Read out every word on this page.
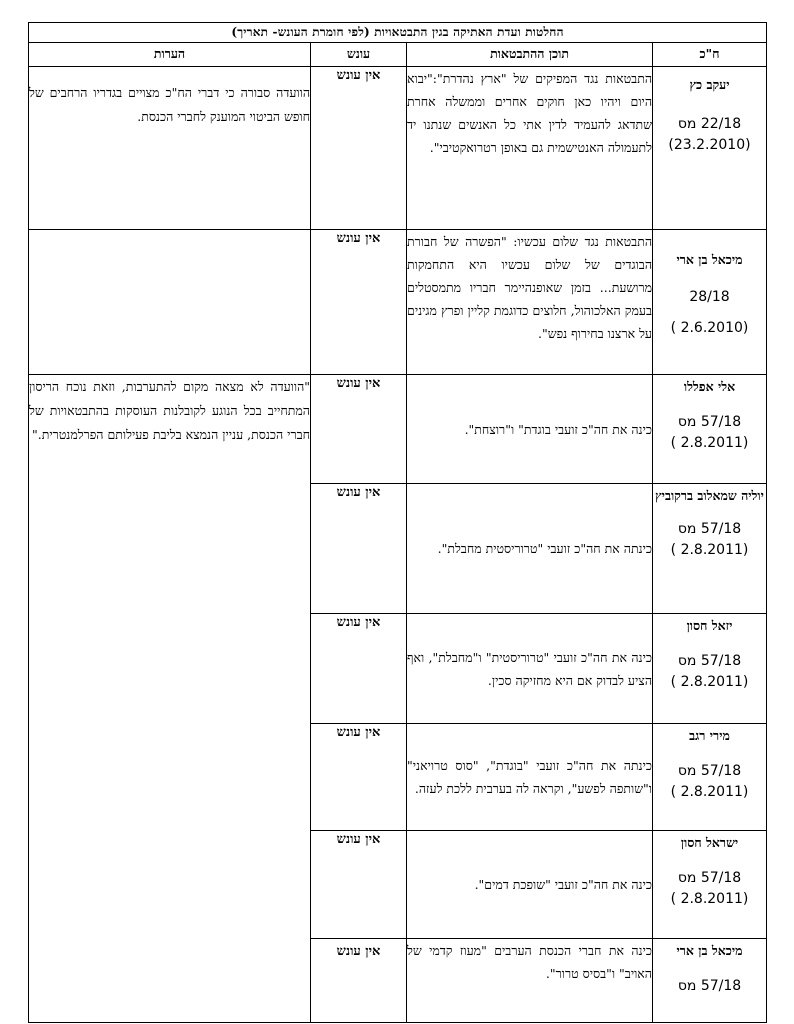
החלטות ועדת האתיקה בגין התבטאויות (לפי חומרת העונש- תאריך)				
ח"כ	תוכן ההתבטאות	עונש	הערות	

יעקב כץ
22/18 מס
(23.2.2010)	התבטאות נגד המפיקים של "ארץ נהדרת":"יבוא היום ויהיו כאן חוקים אחרים וממשלה אחרת שתדאג להעמיד לדין אתי כל האנשים שנתנו יד לתעמולה האנטישמית גם באופן רטרואקטיבי".	אין עונש	הוועדה סבורה כי דברי הח"כ מצויים בגדריו הרחבים של חופש הביטוי המוענק לחברי הכנסת.	

מיכאל בן ארי
28/18
(2.6.2010 )	התבטאות נגד שלום עכשיו: "הפשרה של חבורת הבוגדים של שלום עכשיו היא התחמקות מרושעת... בזמן שאופנהיימר חבריו מתמסטלים בעמק האלכוהול, חלוצים כדוגמת קליין ופרץ מגינים על ארצנו בחירוף נפש".	אין עונש		

אלי אפללו
57/18 מס
(2.8.2011 )	כינה את חה"כ זועבי בוגדת" ו"רוצחת".	אין עונש	"הוועדה לא מצאה מקום להתערבות, וזאת נוכח הריסון המתחייב בכל הנוגע לקובלנות העוסקות בהתבטאויות של חברי הכנסת, עניין הנמצא בליבת פעילותם הפרלמנטרית."	

יוליה שמאלוב ברקוביץ
57/18 מס
(2.8.2011 )	כינתה את חה"כ זועבי "טרוריסטית מחבלת".	אין עונש		

יזאל חסון
57/18 מס
(2.8.2011 )	כינה את חה"כ זועבי "טרוריסטית" ו"מחבלת", ואף הציע לבדוק אם היא מחזיקה סכין.	אין עונש		

מירי רגב
57/18 מס
(2.8.2011 )	כינתה את חה"כ זועבי "בוגדת", "סוס טרויאני" ו"שותפה לפשע", וקראה לה בערבית ללכת לעזה.	אין עונש		

ישראל חסון
57/18 מס
(2.8.2011 )	כינה את חה"כ זועבי "שופכת דמים".	אין עונש		

מיכאל בן ארי
57/18 מס	כינה את חברי הכנסת הערבים "מעוז קדמי של האויב" ו"בסיס טרור".	אין עונש		
